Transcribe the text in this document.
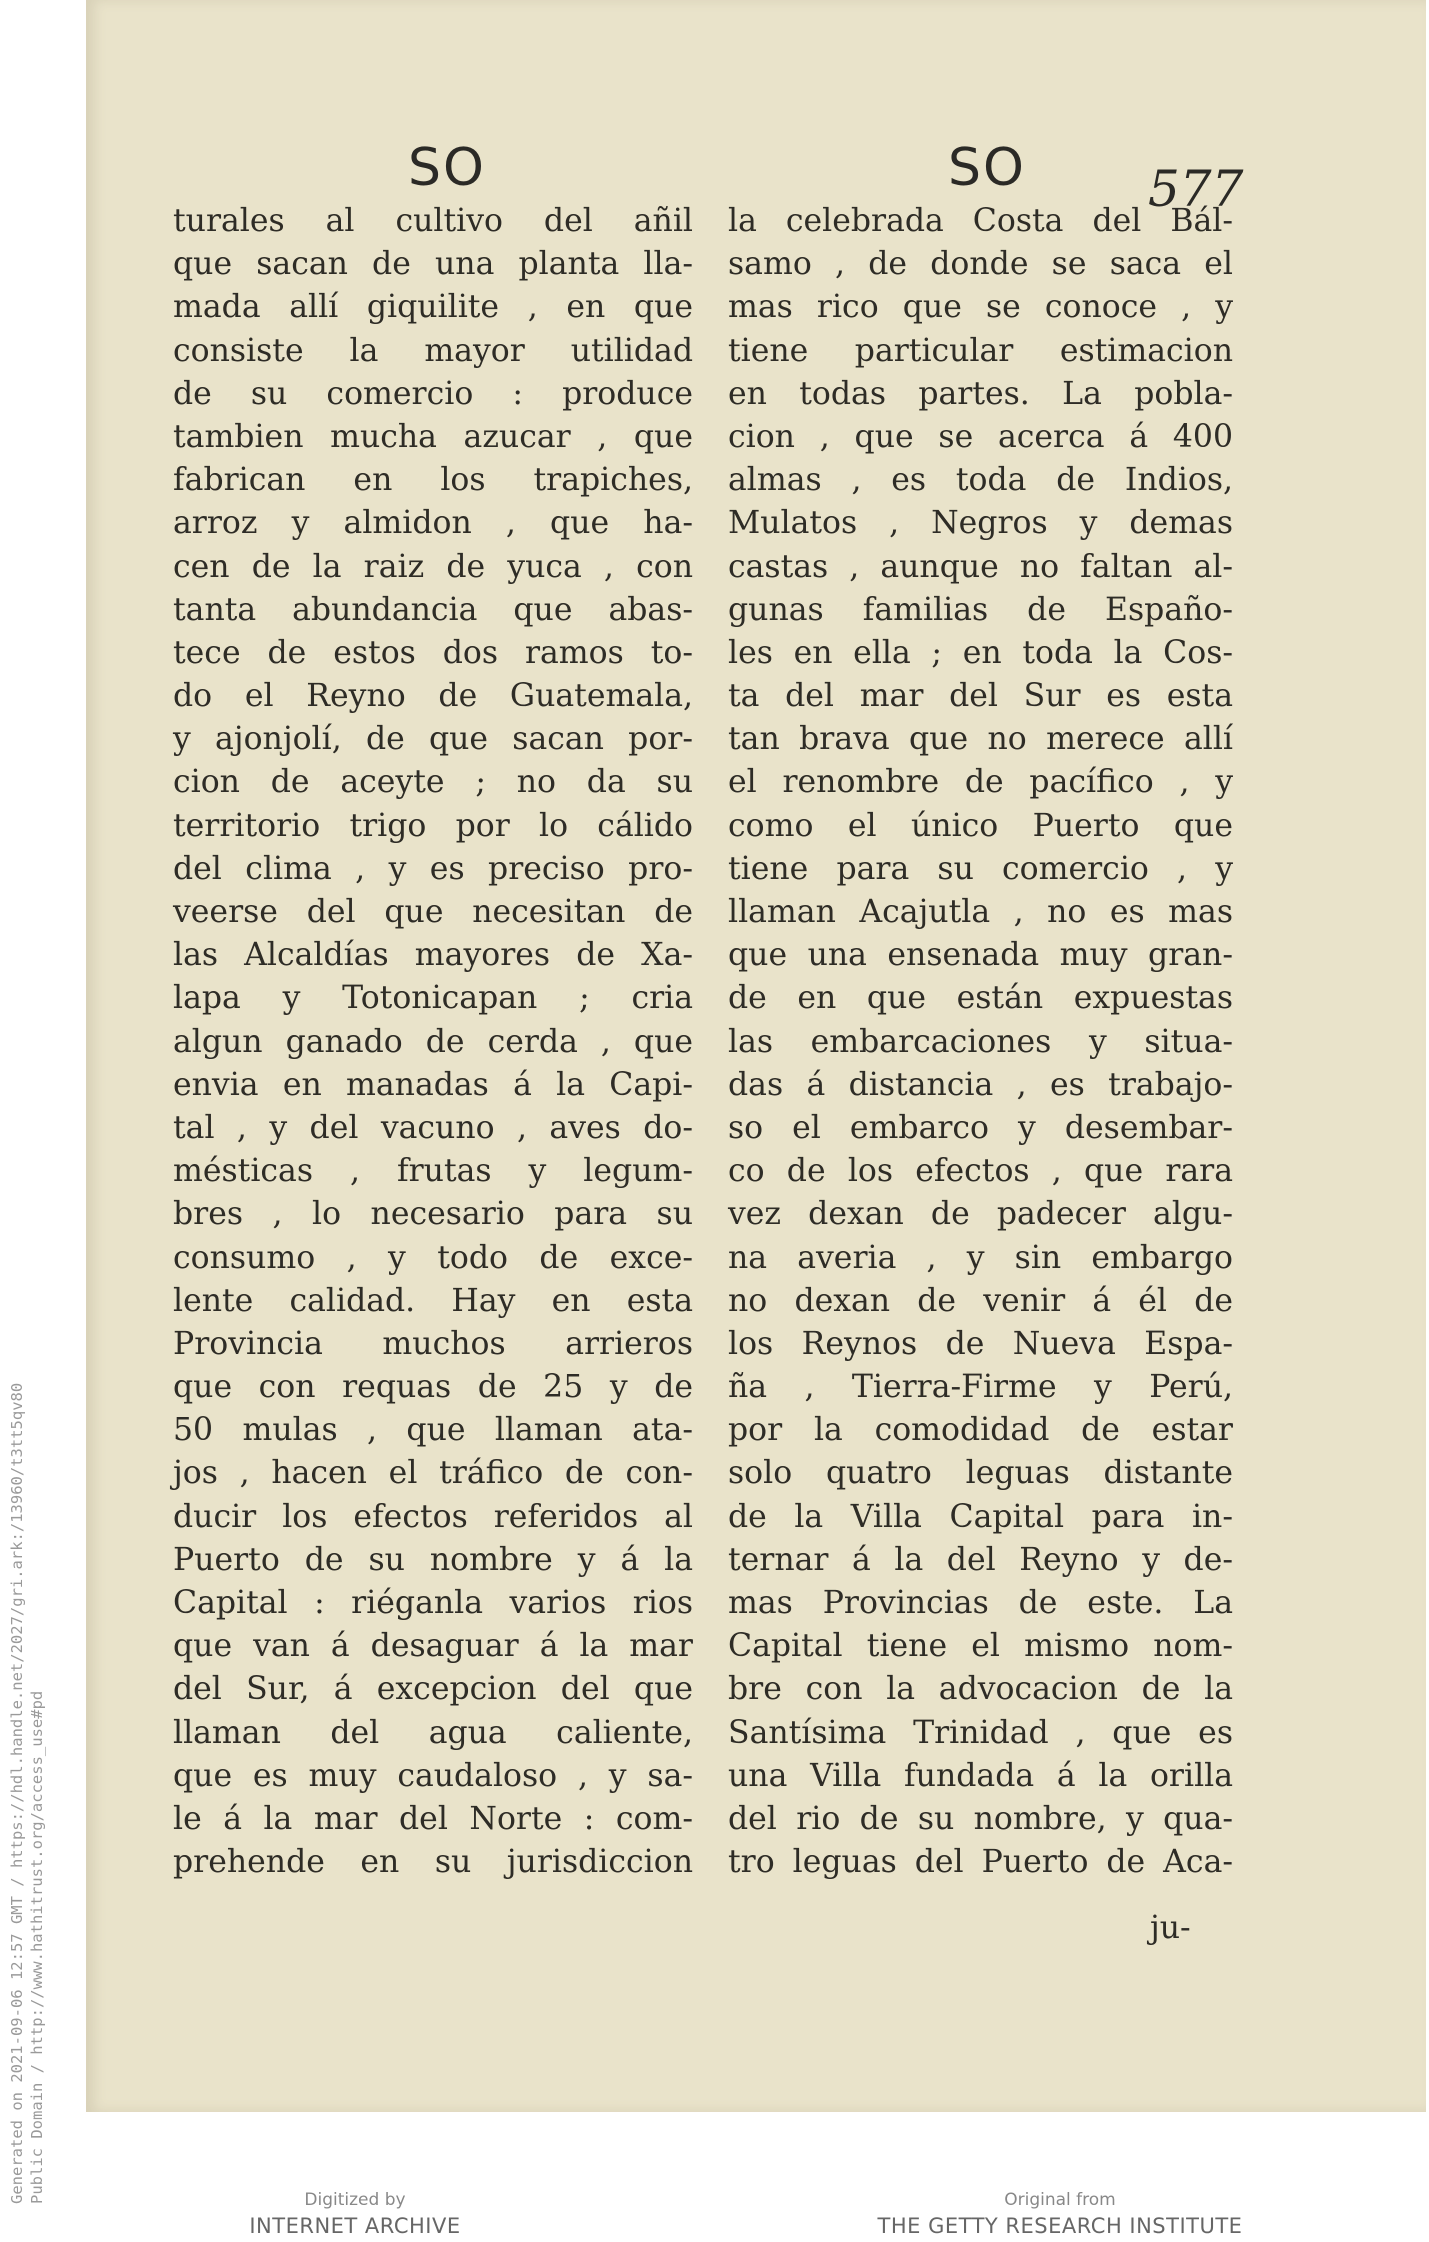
SO	SO 577
turales al cultivo del añil
que sacan de una planta lla-
mada allí giquilite , en que
consiste la mayor utilidad
de su comercio : produce
tambien mucha azucar , que
fabrican en los trapiches,
arroz y almidon , que ha-
cen de la raiz de yuca , con
tanta abundancia que abas-
tece de estos dos ramos to-
do el Reyno de Guatemala,
y ajonjolí, de que sacan por-
cion de aceyte ; no da su
territorio trigo por lo cálido
del clima , y es preciso pro-
veerse del que necesitan de
las Alcaldías mayores de Xa-
lapa y Totonicapan ; cria
algun ganado de cerda , que
envia en manadas á la Capi-
tal , y del vacuno , aves do-
mésticas , frutas y legum-
bres , lo necesario para su
consumo , y todo de exce-
lente calidad. Hay en esta
Provincia muchos arrieros
que con requas de 25 y de
50 mulas , que llaman ata-
jos , hacen el tráfico de con-
ducir los efectos referidos al
Puerto de su nombre y á la
Capital : riéganla varios rios
que van á desaguar á la mar
del Sur, á excepcion del que
llaman del agua caliente,
que es muy caudaloso , y sa-
le á la mar del Norte : com-
prehende en su jurisdiccion
la celebrada Costa del Bál-
samo , de donde se saca el
mas rico que se conoce , y
tiene particular estimacion
en todas partes. La pobla-
cion , que se acerca á 400
almas , es toda de Indios,
Mulatos , Negros y demas
castas , aunque no faltan al-
gunas familias de Españo-
les en ella ; en toda la Cos-
ta del mar del Sur es esta
tan brava que no merece allí
el renombre de pacífico , y
como el único Puerto que
tiene para su comercio , y
llaman Acajutla , no es mas
que una ensenada muy gran-
de en que están expuestas
las embarcaciones y situa-
das á distancia , es trabajo-
so el embarco y desembar-
co de los efectos , que rara
vez dexan de padecer algu-
na averia , y sin embargo
no dexan de venir á él de
los Reynos de Nueva Espa-
ña , Tierra-Firme y Perú,
por la comodidad de estar
solo quatro leguas distante
de la Villa Capital para in-
ternar á la del Reyno y de-
mas Provincias de este. La
Capital tiene el mismo nom-
bre con la advocacion de la
Santísima Trinidad , que es
una Villa fundada á la orilla
del rio de su nombre, y qua-
tro leguas del Puerto de Aca-
ju-
Generated on 2021-09-06 12:57 GMT / https://hdl.handle.net/2027/gri.ark:/13960/t3tt5qv80 Public Domain / http://www.hathitrust.org/access_use#pd	Digitized by
INTERNET ARCHIVE
Original from
THE GETTY RESEARCH INSTITUTE
